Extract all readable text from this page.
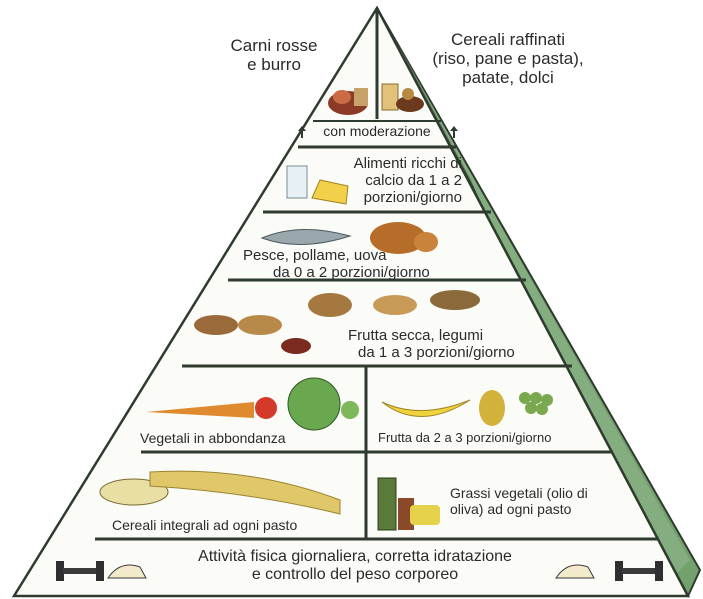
Carni rosse
e burro
Cereali raffinati
(riso, pane e pasta),
patate, dolci
con moderazione
Alimenti ricchi di
calcio da 1 a 2
porzioni/giorno
Pesce, pollame, uova
da 0 a 2 porzioni/giorno
Frutta secca, legumi
da 1 a 3 porzioni/giorno
Vegetali in abbondanza	Frutta da 2 a 3 porzioni/giorno
Cereali integrali ad ogni pasto
Grassi vegetali (olio di
oliva) ad ogni pasto
Attività fisica giornaliera, corretta idratazione
e controllo del peso corporeo
